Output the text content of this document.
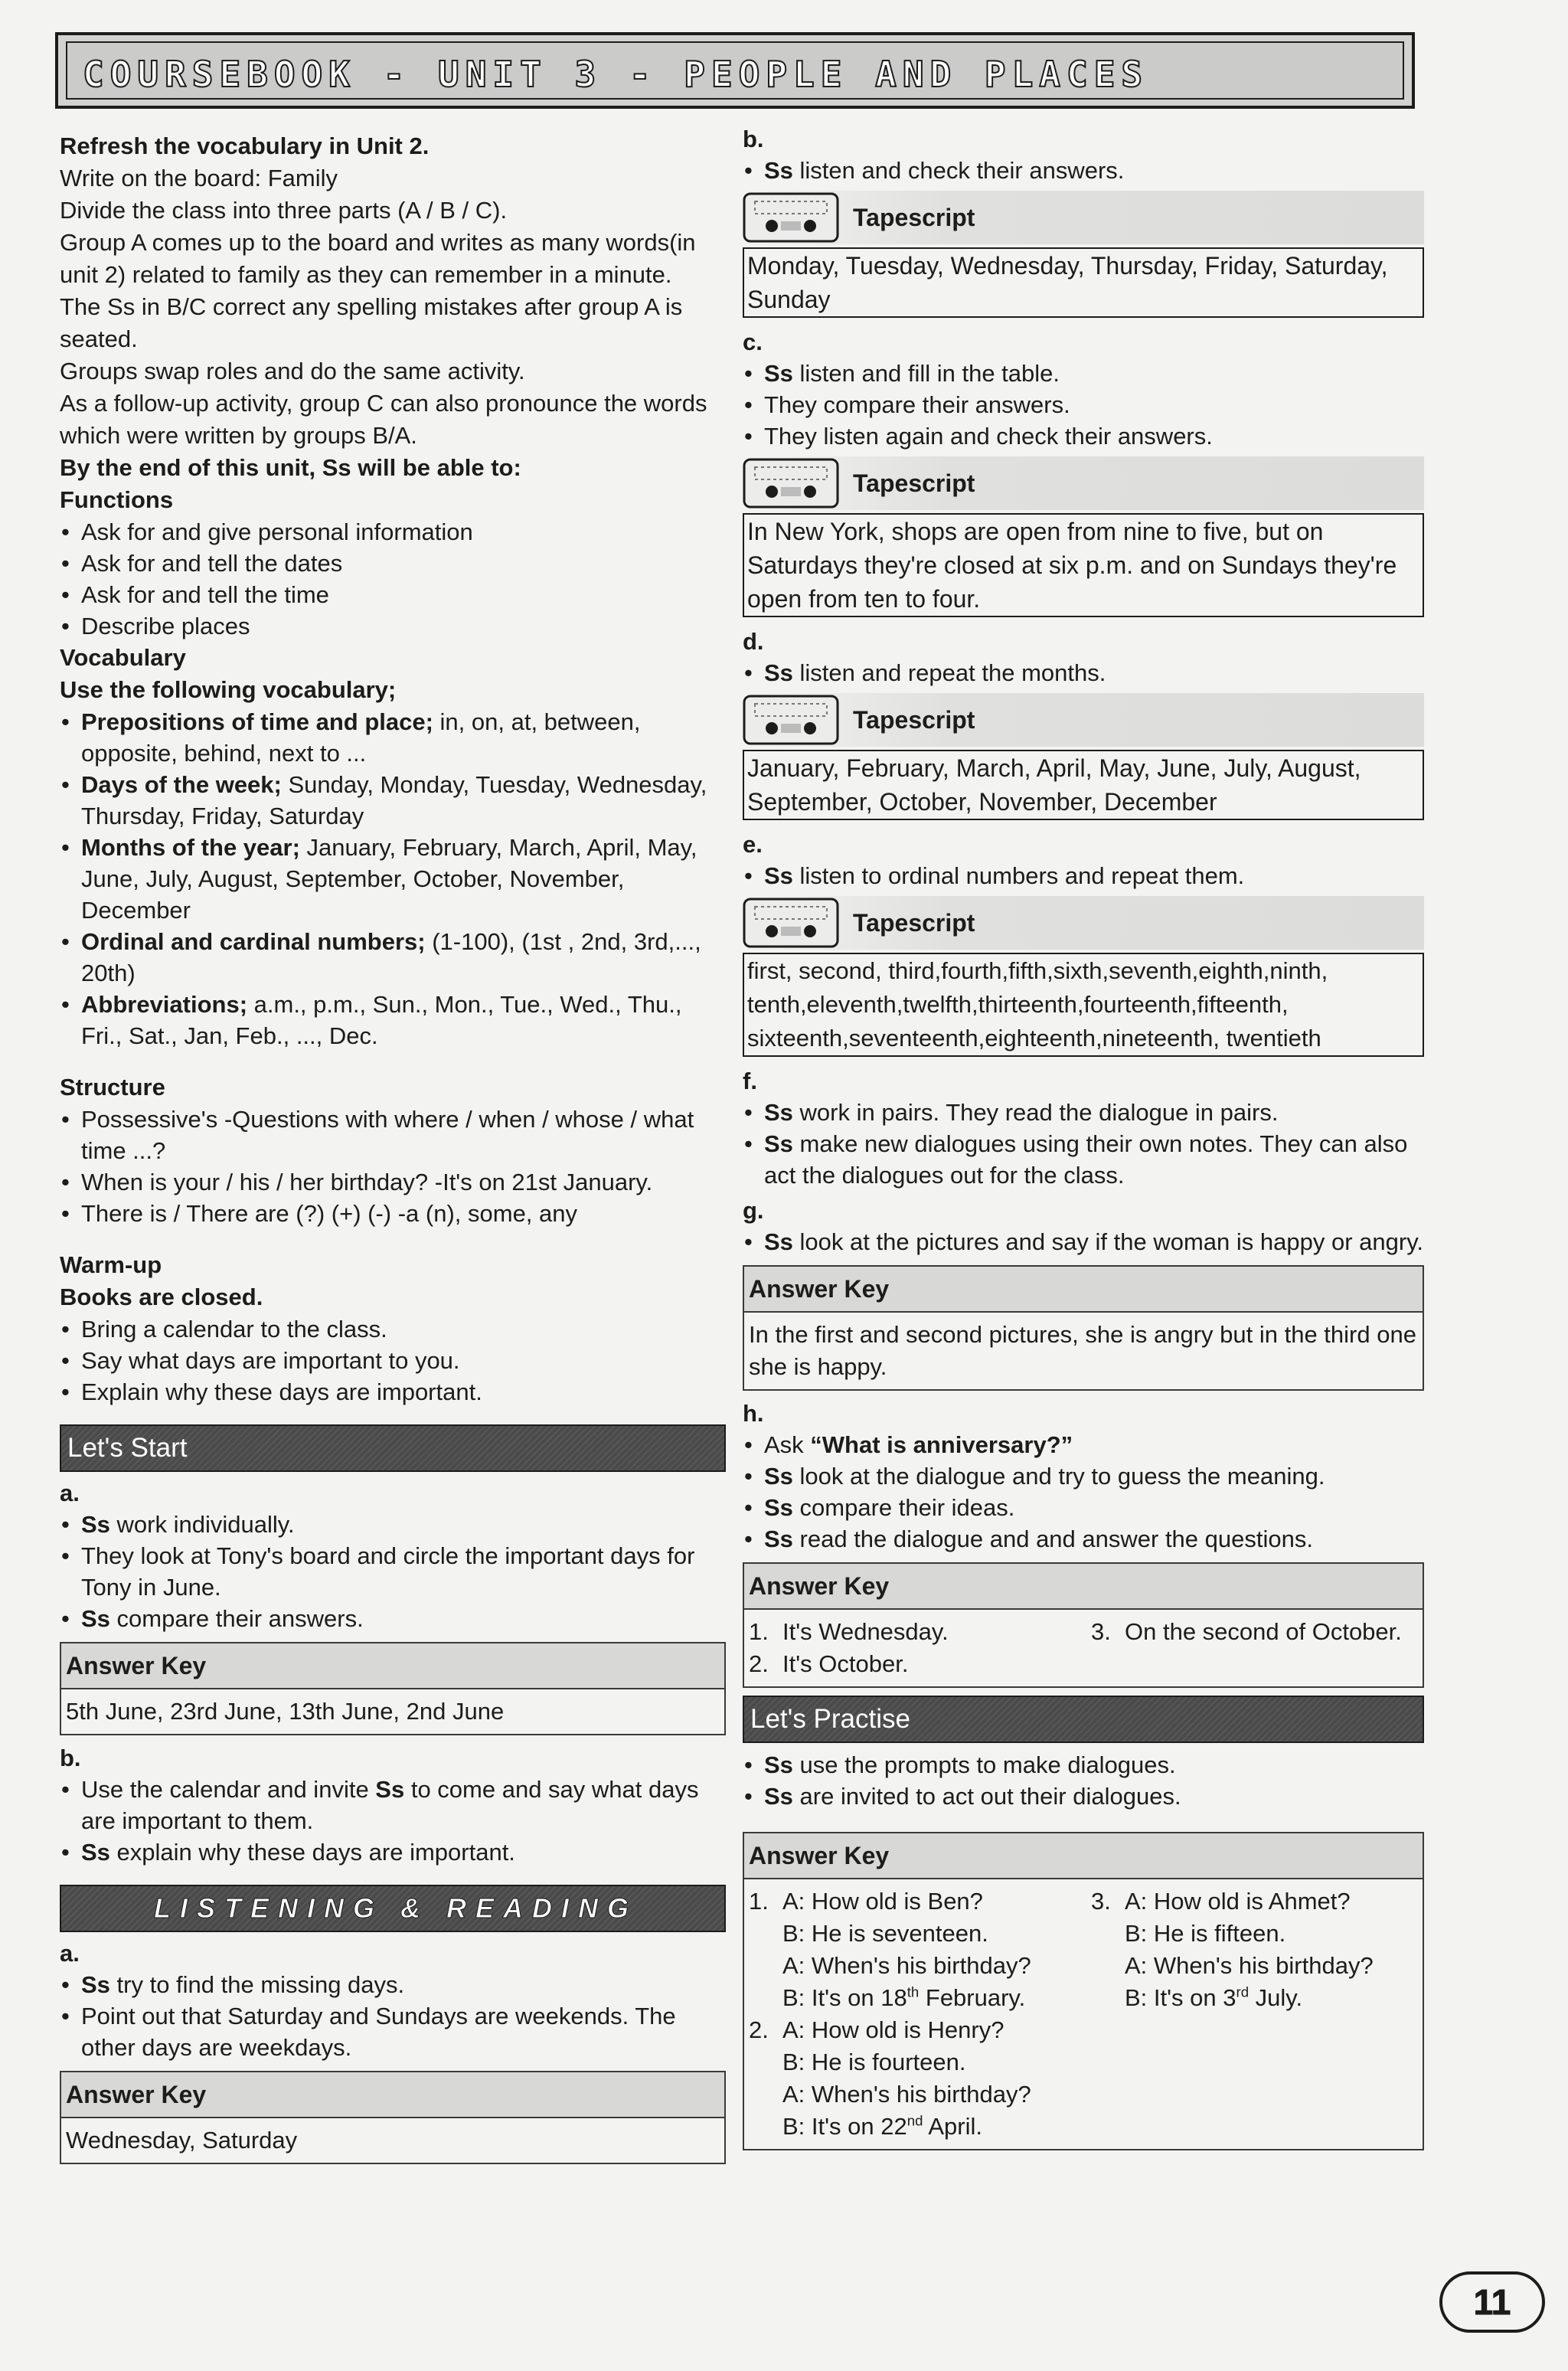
COURSEBOOK - UNIT 3 - PEOPLE AND PLACES

Refresh the vocabulary in Unit 2.

Write on the board: Family

Divide the class into three parts (A / B / C).

Group A comes up to the board and writes as many words(in unit 2) related to family as they can remember in a minute.

The Ss in B/C correct any spelling mistakes after group A is seated.

Groups swap roles and do the same activity.

As a follow-up activity, group C can also pronounce the words which were written by groups B/A.

By the end of this unit, Ss will be able to:

Functions

• Ask for and give personal information
• Ask for and tell the dates
• Ask for and tell the time
• Describe places

Vocabulary

Use the following vocabulary;

• Prepositions of time and place; in, on, at, between, opposite, behind, next to ...
• Days of the week; Sunday, Monday, Tuesday, Wednesday, Thursday, Friday, Saturday
• Months of the year; January, February, March, April, May, June, July, August, September, October, November, December
• Ordinal and cardinal numbers; (1-100), (1st , 2nd, 3rd,..., 20th)
• Abbreviations; a.m., p.m., Sun., Mon., Tue., Wed., Thu., Fri., Sat., Jan, Feb., ..., Dec.

Structure

• Possessive's -Questions with where / when / whose / what time ...?
• When is your / his / her birthday? -It's on 21st January.
• There is / There are (?) (+) (-) -a (n), some, any

Warm-up

Books are closed.

• Bring a calendar to the class.
• Say what days are important to you.
• Explain why these days are important.
Let's Start

a.

• Ss work individually.
• They look at Tony's board and circle the important days for Tony in June.
• Ss compare their answers.
Answer Key
5th June, 23rd June, 13th June, 2nd June

b.

• Use the calendar and invite Ss to come and say what days are important to them.
• Ss explain why these days are important.
LISTENING & READING

a.

• Ss try to find the missing days.
• Point out that Saturday and Sundays are weekends. The other days are weekdays.
Answer Key
Wednesday, Saturday

b.

• Ss listen and check their answers.
Tapescript
Monday, Tuesday, Wednesday, Thursday, Friday, Saturday, Sunday

c.

• Ss listen and fill in the table.
• They compare their answers.
• They listen again and check their answers.
Tapescript
In New York, shops are open from nine to five, but on Saturdays they're closed at six p.m. and on Sundays they're open from ten to four.

d.

• Ss listen and repeat the months.
Tapescript
January, February, March, April, May, June, July, August, September, October, November, December

e.

• Ss listen to ordinal numbers and repeat them.
Tapescript
first, second, third,fourth,fifth,sixth,seventh,eighth,ninth, tenth,eleventh,twelfth,thirteenth,fourteenth,fifteenth, sixteenth,seventeenth,eighteenth,nineteenth, twentieth

f.

• Ss work in pairs. They read the dialogue in pairs.
• Ss make new dialogues using their own notes. They can also act the dialogues out for the class.

g.

• Ss look at the pictures and say if the woman is happy or angry.
Answer Key
In the first and second pictures, she is angry but in the third one she is happy.

h.

• Ask “What is anniversary?”
• Ss look at the dialogue and try to guess the meaning.
• Ss compare their ideas.
• Ss read the dialogue and and answer the questions.
Answer Key
1. It's Wednesday.
2. It's October.
3. On the second of October.
Let's Practise
• Ss use the prompts to make dialogues.
• Ss are invited to act out their dialogues.
Answer Key
1. A: How old is Ben?
B: He is seventeen.
A: When's his birthday?
B: It's on 18th February.
2. A: How old is Henry?
B: He is fourteen.
A: When's his birthday?
B: It's on 22nd April.
3. A: How old is Ahmet?
B: He is fifteen.
A: When's his birthday?
B: It's on 3rd July.
11
